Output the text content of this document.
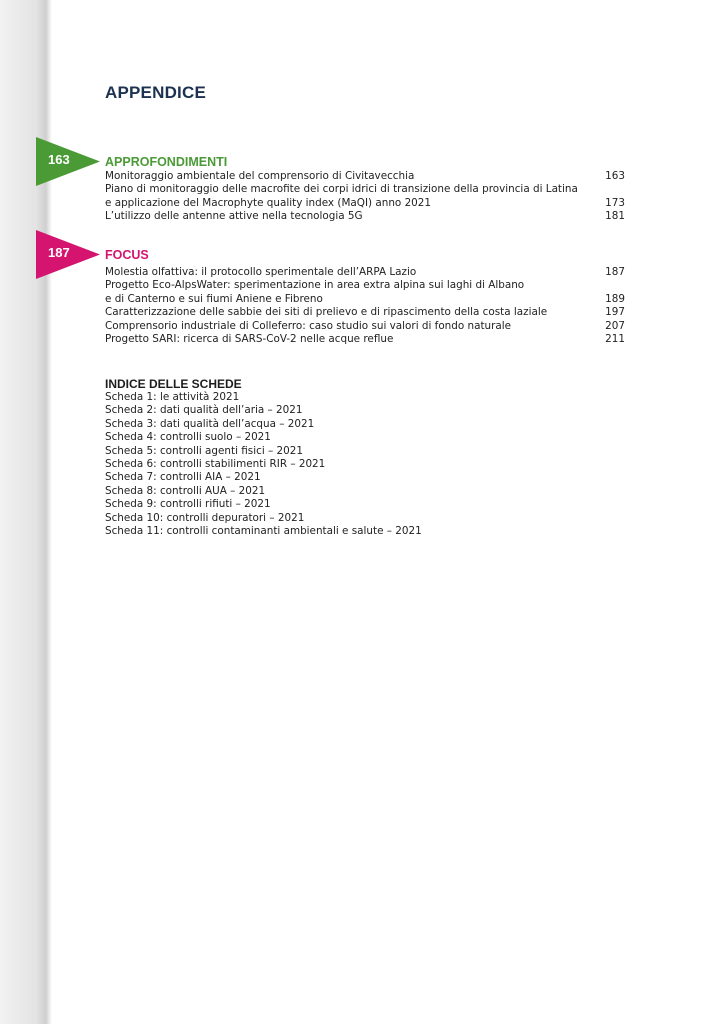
APPENDICE
163	APPROFONDIMENTI
Monitoraggio ambientale del comprensorio di Civitavecchia	163
Piano di monitoraggio delle macrofite dei corpi idrici di transizione della provincia di Latina
e applicazione del Macrophyte quality index (MaQI) anno 2021	173
L’utilizzo delle antenne attive nella tecnologia 5G	181
187	FOCUS
Molestia olfattiva: il protocollo sperimentale dell’ARPA Lazio	187
Progetto Eco-AlpsWater: sperimentazione in area extra alpina sui laghi di Albano
e di Canterno e sui fiumi Aniene e Fibreno	189
Caratterizzazione delle sabbie dei siti di prelievo e di ripascimento della costa laziale	197
Comprensorio industriale di Colleferro: caso studio sui valori di fondo naturale	207
Progetto SARI: ricerca di SARS-CoV-2 nelle acque reflue	211
INDICE DELLE SCHEDE
Scheda 1: le attività 2021
Scheda 2: dati qualità dell’aria – 2021
Scheda 3: dati qualità dell’acqua – 2021
Scheda 4: controlli suolo – 2021
Scheda 5: controlli agenti fisici – 2021
Scheda 6: controlli stabilimenti RIR – 2021
Scheda 7: controlli AIA – 2021
Scheda 8: controlli AUA – 2021
Scheda 9: controlli rifiuti – 2021
Scheda 10: controlli depuratori – 2021
Scheda 11: controlli contaminanti ambientali e salute – 2021
